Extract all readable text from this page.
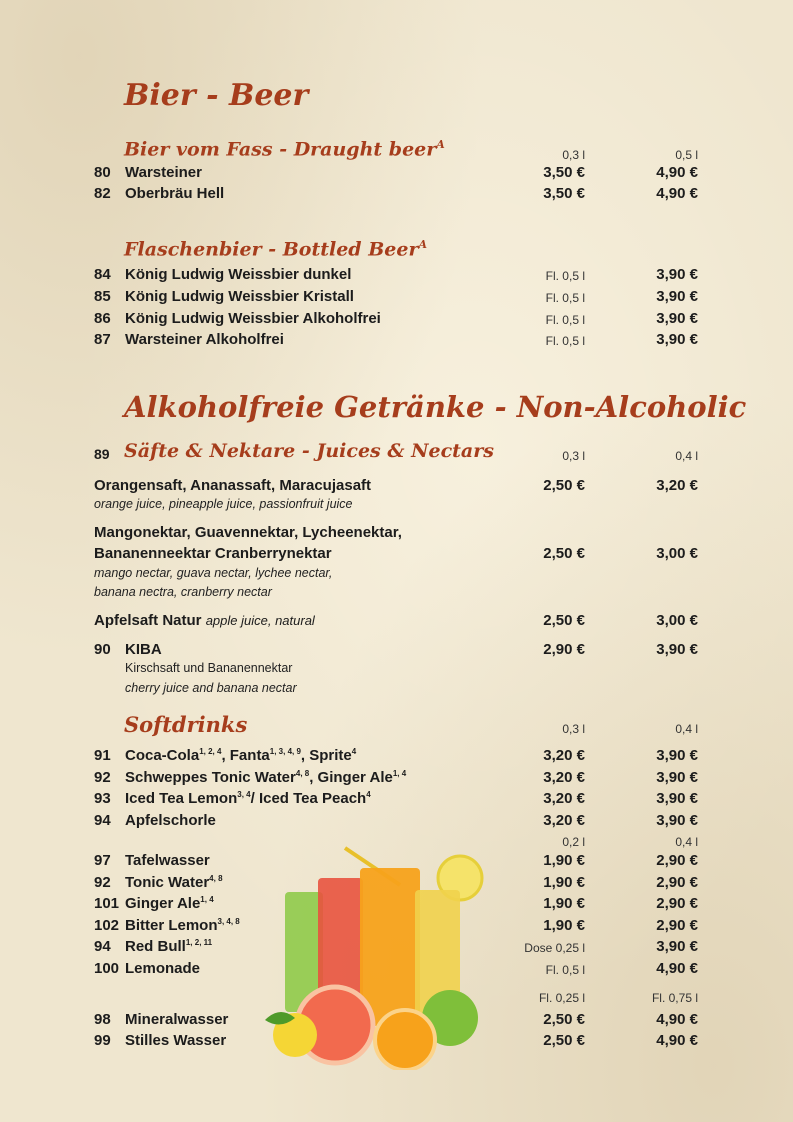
Bier - Beer
Bier vom Fass - Draught beer$^A$
0,3 l	0,5 l
80 Warsteiner	3,50 €	4,90 €
82 Oberbräu Hell	3,50 €	4,90 €
Flaschenbier - Bottled Beer$^A$
84 König Ludwig Weissbier dunkel	Fl. 0,5 l	3,90 €
85 König Ludwig Weissbier Kristall	Fl. 0,5 l	3,90 €
86 König Ludwig Weissbier Alkoholfrei	Fl. 0,5 l	3,90 €
87 Warsteiner Alkoholfrei	Fl. 0,5 l	3,90 €
Alkoholfreie Getränke - Non-Alcoholic
89 Säfte & Nektare - Juices & Nectars	0,3 l	0,4 l
Orangensaft, Ananassaft, Maracujasaft	2,50 €	3,20 €
orange juice, pineapple juice, passionfruit juice
Mangonektar, Guavennektar, Lycheenektar,
Bananenneektar Cranberrynektar	2,50 €	3,00 €
mango nectar, guava nectar, lychee nectar,
banana nectra, cranberry nectar
Apfelsaft Natur apple juice, natural	2,50 €	3,00 €
90 KIBA	2,90 €	3,90 €
Kirschsaft und Bananennektar
cherry juice and banana nectar
Softdrinks	0,3 l	0,4 l
91 Coca-Cola$^{1, 2, 4}$, Fanta$^{1, 3, 4, 9}$, Sprite$^4$	3,20 €	3,90 €
92 Schweppes Tonic Water$^{4, 8}$, Ginger Ale$^{1, 4}$	3,20 €	3,90 €
93 Iced Tea Lemon$^{3, 4}$/ Iced Tea Peach$^4$	3,20 €	3,90 €
94 Apfelschorle	3,20 €	3,90 €
0,2 l	0,4 l
97 Tafelwasser	1,90 €	2,90 €
92 Tonic Water$^{4, 8}$	1,90 €	2,90 €
101 Ginger Ale$^{1, 4}$	1,90 €	2,90 €
102 Bitter Lemon$^{3, 4, 8}$	1,90 €	2,90 €
94 Red Bull$^{1, 2, 11}$	Dose 0,25 l	3,90 €
100 Lemonade	Fl. 0,5 l	4,90 €
Fl. 0,25 l	Fl. 0,75 l
98 Mineralwasser	2,50 €	4,90 €
99 Stilles Wasser	2,50 €	4,90 €
